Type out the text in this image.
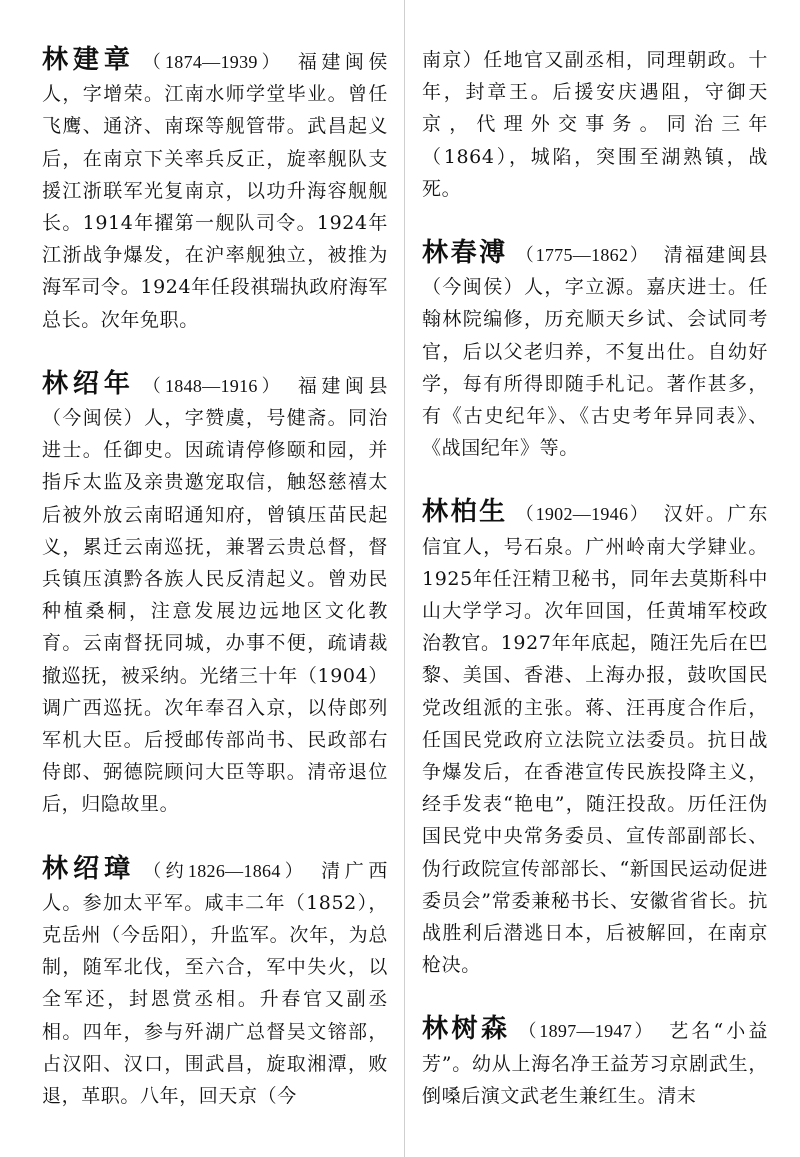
林建章 （1874—1939） 福建闽侯人，字增荣。江南水师学堂毕业。曾任飞鹰、通济、南琛等舰管带。武昌起义后，在南京下关率兵反正，旋率舰队支援江浙联军光复南京，以功升海容舰舰长。1914年擢第一舰队司令。1924年江浙战争爆发，在沪率舰独立，被推为海军司令。1924年任段祺瑞执政府海军总长。次年免职。

林绍年 （1848—1916） 福建闽县（今闽侯）人，字赞虞，号健斋。同治进士。任御史。因疏请停修颐和园，并指斥太监及亲贵邀宠取信，触怒慈禧太后被外放云南昭通知府，曾镇压苗民起义，累迁云南巡抚，兼署云贵总督，督兵镇压滇黔各族人民反清起义。曾劝民种植桑桐，注意发展边远地区文化教育。云南督抚同城，办事不便，疏请裁撤巡抚，被采纳。光绪三十年（1904）调广西巡抚。次年奉召入京，以侍郎列军机大臣。后授邮传部尚书、民政部右侍郎、弼德院顾问大臣等职。清帝退位后，归隐故里。

林绍璋 （约1826—1864） 清广西人。参加太平军。咸丰二年（1852），克岳州（今岳阳），升监军。次年，为总制，随军北伐，至六合，军中失火，以全军还，封恩赏丞相。升春官又副丞相。四年，参与歼湖广总督吴文镕部，占汉阳、汉口，围武昌，旋取湘潭，败退，革职。八年，回天京（今

南京）任地官又副丞相，同理朝政。十年，封章王。后援安庆遇阻，守御天京，代理外交事务。同治三年（1864），城陷，突围至湖熟镇，战死。

林春溥 （1775—1862） 清福建闽县（今闽侯）人，字立源。嘉庆进士。任翰林院编修，历充顺天乡试、会试同考官，后以父老归养，不复出仕。自幼好学，每有所得即随手札记。著作甚多，有《古史纪年》、《古史考年异同表》、《战国纪年》等。

林柏生 （1902—1946） 汉奸。广东信宜人，号石泉。广州岭南大学肄业。1925年任汪精卫秘书，同年去莫斯科中山大学学习。次年回国，任黄埔军校政治教官。1927年年底起，随汪先后在巴黎、美国、香港、上海办报，鼓吹国民党改组派的主张。蒋、汪再度合作后，任国民党政府立法院立法委员。抗日战争爆发后，在香港宣传民族投降主义，经手发表“艳电”，随汪投敌。历任汪伪国民党中央常务委员、宣传部副部长、伪行政院宣传部部长、“新国民运动促进委员会”常委兼秘书长、安徽省省长。抗战胜利后潜逃日本，后被解回，在南京枪决。

林树森 （1897—1947） 艺名“小益芳”。幼从上海名净王益芳习京剧武生，倒嗓后演文武老生兼红生。清末
